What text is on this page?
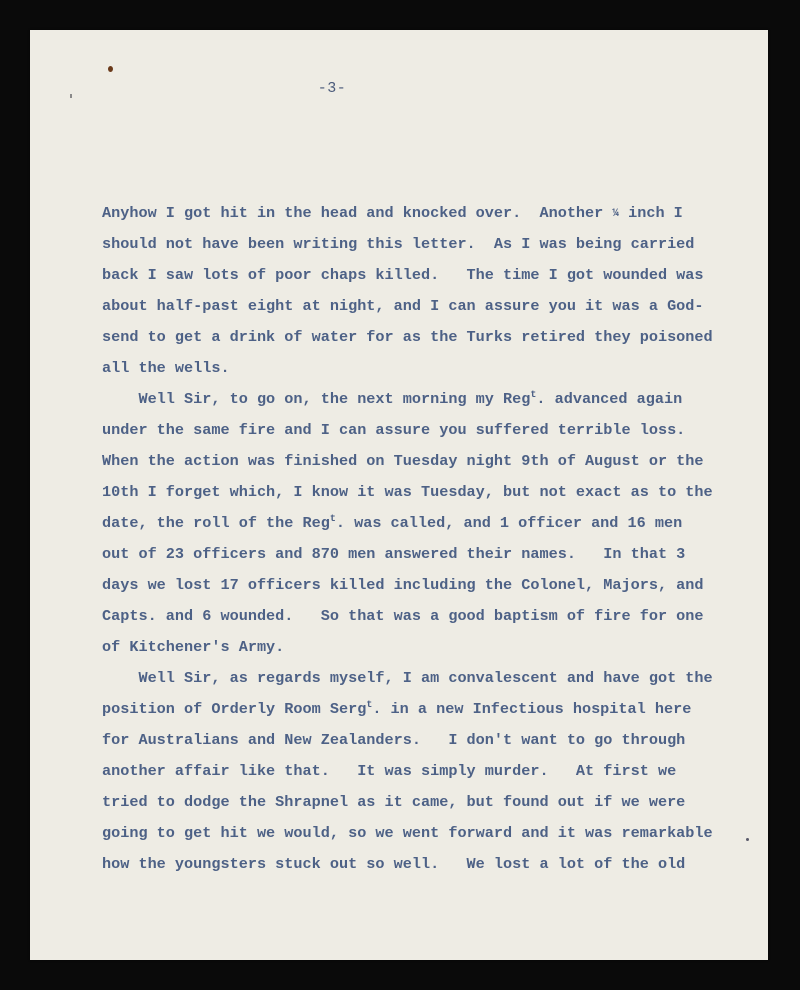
-3-
Anyhow I got hit in the head and knocked over.  Another ¼ inch I
should not have been writing this letter.  As I was being carried
back I saw lots of poor chaps killed.   The time I got wounded was
about half-past eight at night, and I can assure you it was a God-
send to get a drink of water for as the Turks retired they poisoned
all the wells.
Well Sir, to go on, the next morning my Reg$^t$. advanced again
under the same fire and I can assure you suffered terrible loss.
When the action was finished on Tuesday night 9th of August or the
10th I forget which, I know it was Tuesday, but not exact as to the
date, the roll of the Reg$^t$. was called, and 1 officer and 16 men
out of 23 officers and 870 men answered their names.   In that 3
days we lost 17 officers killed including the Colonel, Majors, and
Capts. and 6 wounded.   So that was a good baptism of fire for one
of Kitchener's Army.
Well Sir, as regards myself, I am convalescent and have got the
position of Orderly Room Serg$^t$. in a new Infectious hospital here
for Australians and New Zealanders.   I don't want to go through
another affair like that.   It was simply murder.   At first we
tried to dodge the Shrapnel as it came, but found out if we were
going to get hit we would, so we went forward and it was remarkable
how the youngsters stuck out so well.   We lost a lot of the old
